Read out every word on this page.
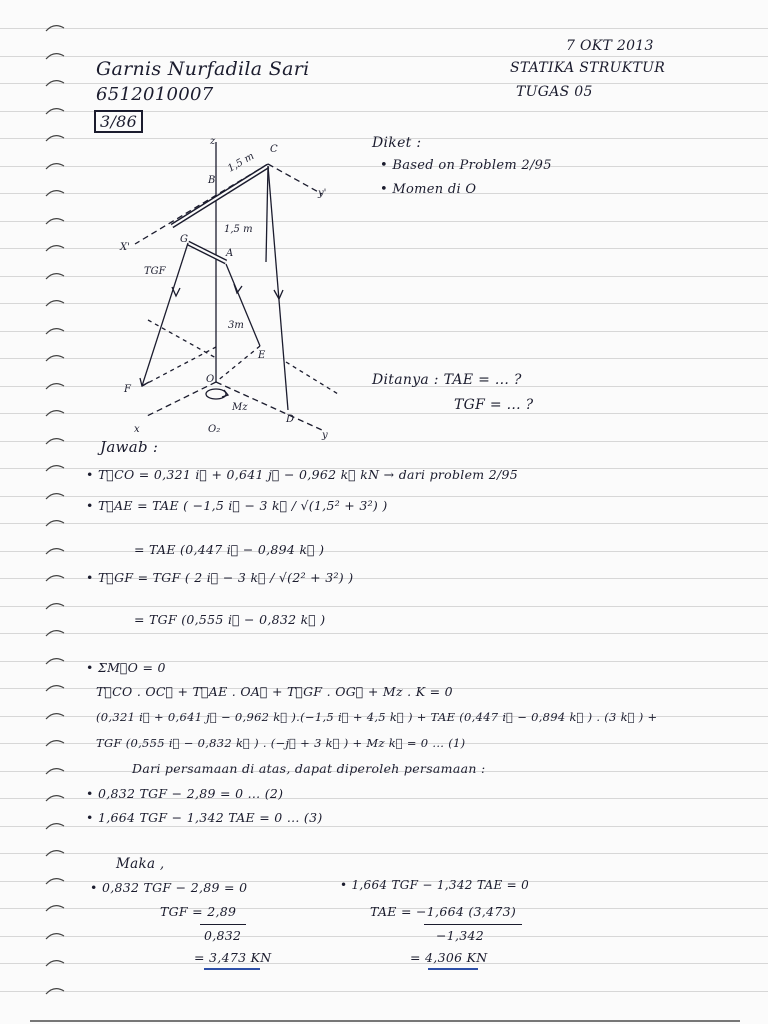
Garnis Nurfadila Sari
6512010007
3/86
7 OKT 2013
STATIKA STRUKTUR
TUGAS 05
z
B
C
1,5 m
y'
X'
1,5 m
G
A
TGF
3m
E
F
O
Mz
D
x	O₂
y
Diket :
• Based on Problem 2/95
• Momen di O
Ditanya : TAE = ... ?
TGF = ... ?
Jawab :
• T⃗CO = 0,321 i⃗ + 0,641 j⃗ − 0,962 k⃗ kN → dari problem 2/95
• T⃗AE = TAE ( −1,5 i⃗ − 3 k⃗ / √(1,5² + 3²) )
= TAE (0,447 i⃗ − 0,894 k⃗ )
• T⃗GF = TGF ( 2 i⃗ − 3 k⃗ / √(2² + 3²) )
= TGF (0,555 i⃗ − 0,832 k⃗ )
• ΣM⃗O = 0
T⃗CO . OC⃗ + T⃗AE . OA⃗ + T⃗GF . OG⃗ + Mz . K = 0
(0,321 i⃗ + 0,641 j⃗ − 0,962 k⃗ ).(−1,5 i⃗ + 4,5 k⃗ ) + TAE (0,447 i⃗ − 0,894 k⃗ ) . (3 k⃗ ) +
TGF (0,555 i⃗ − 0,832 k⃗ ) . (−j⃗ + 3 k⃗ ) + Mz k⃗ = 0 ... (1)
Dari persamaan di atas, dapat diperoleh persamaan :
• 0,832 TGF − 2,89 = 0 ... (2)
• 1,664 TGF − 1,342 TAE = 0 ... (3)
Maka ,
• 0,832 TGF − 2,89 = 0
TGF = 2,89
0,832
= 3,473 KN
• 1,664 TGF − 1,342 TAE = 0
TAE = −1,664 (3,473)
−1,342
= 4,306 KN
